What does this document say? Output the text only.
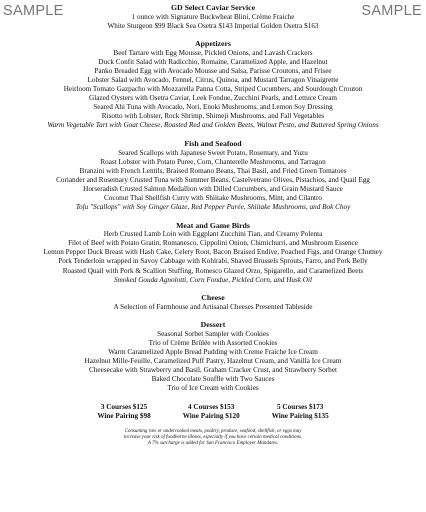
SAMPLE	SAMPLE
GD Select Caviar Service
1 ounce with Signature Buckwheat Blini, Crème Fraiche
White Sturgeon $99 Black Sea Osetra $143 Imperial Golden Osetra $163
Appetizers
Beef Tartare with Egg Mousse, Pickled Onions, and Lavash Crackers
Duck Confit Salad with Radicchio, Romaine, Caramelized Apple, and Hazelnut
Panko Breaded Egg with Avocado Mousse and Salsa, Parisse Croutons, and Frisee
Lobster Salad with Avocado, Fennel, Citrus, Quinoa, and Mustard Tarragon Vinaigrette
Heirloom Tomato Gazpacho with Mozzarella Panna Cotta, Striped Cucumbers, and Sourdough Crouton
Glazed Oysters with Osetra Caviar, Leek Fondue, Zucchini Pearls, and Lettuce Cream
Seared Ahi Tuna with Avocado, Nori, Enoki Mushrooms, and Lemon Soy Dressing
Risotto with Lobster, Rock Shrimp, Shimeji Mushrooms, and Fall Vegetables
Warm Vegetable Tart with Goat Cheese, Roasted Red and Golden Beets, Walnut Pesto, and Buttered Spring Onions
Fish and Seafood
Seared Scallops with Japanese Sweet Potato, Rosemary, and Yuzu
Roast Lobster with Potato Puree, Corn, Chanterelle Mushrooms, and Tarragon
Branzini with French Lentils, Braised Romano Beans, Thai Basil, and Fried Green Tomatoes
Coriander and Rosemary Crusted Tuna with Summer Beans, Castelvetrano Olives, Pistachios, and Quail Egg
Horseradish Crusted Salmon Medallion with Dilled Cucumbers, and Grain Mustard Sauce
Coconut Thai Shellfish Curry with Shiitake Mushrooms, Mint, and Cilantro
Tofu "Scallops" with Soy Ginger Glaze, Red Pepper Purée, Shiitake Mushrooms, and Bok Choy
Meat and Game Birds
Herb Crusted Lamb Loin with Eggplant Zucchini Tian, and Creamy Polenta
Filet of Beef with Potato Gratin, Romanesco, Cippolini Onion, Chimichurri, and Mushroom Essence
Lemon Pepper Duck Breast with Hash Cake, Celery Root, Bacon Braised Endive, Poached Figs, and Orange Chutney
Pork Tenderloin wrapped in Savoy Cabbage with Kohlrabi, Shaved Brussels Sprouts, Farro, and Pork Belly
Roasted Quail with Pork & Scallion Stuffing, Romesco Glazed Orzo, Spigarello, and Caramelized Beets
Smoked Gouda Agnolotti, Corn Fondue, Pickled Corn, and Husk Oil
Cheese
A Selection of Farmhouse and Artisanal Cheeses Presented Tableside
Dessert
Seasonal Sorbet Sampler with Cookies
Trio of Crème Brûlée with Assorted Cookies
Warm Caramelized Apple Bread Pudding with Creme Fraiche Ice Cream
Hazelnut Mille-Feuille, Caramelized Puff Pastry, Hazelnut Cream, and Vanilla Ice Cream
Cheesecake with Strawberry and Basil, Graham Cracker Crust, and Strawberry Sorbet
Baked Chocolate Souffle with Two Sauces
Trio of Ice Cream with Cookies
3 Courses $125
Wine Pairing $98
4 Courses $153
Wine Pairing $120
5 Courses $173
Wine Pairing $135
Consuming raw or undercooked meats, poultry, produce, seafood, shellfish, or eggs may
increase your risk of foodborne illness, especially if you have certain medical conditions.
A 7% surcharge is added for San Francisco Employer Mandates.
